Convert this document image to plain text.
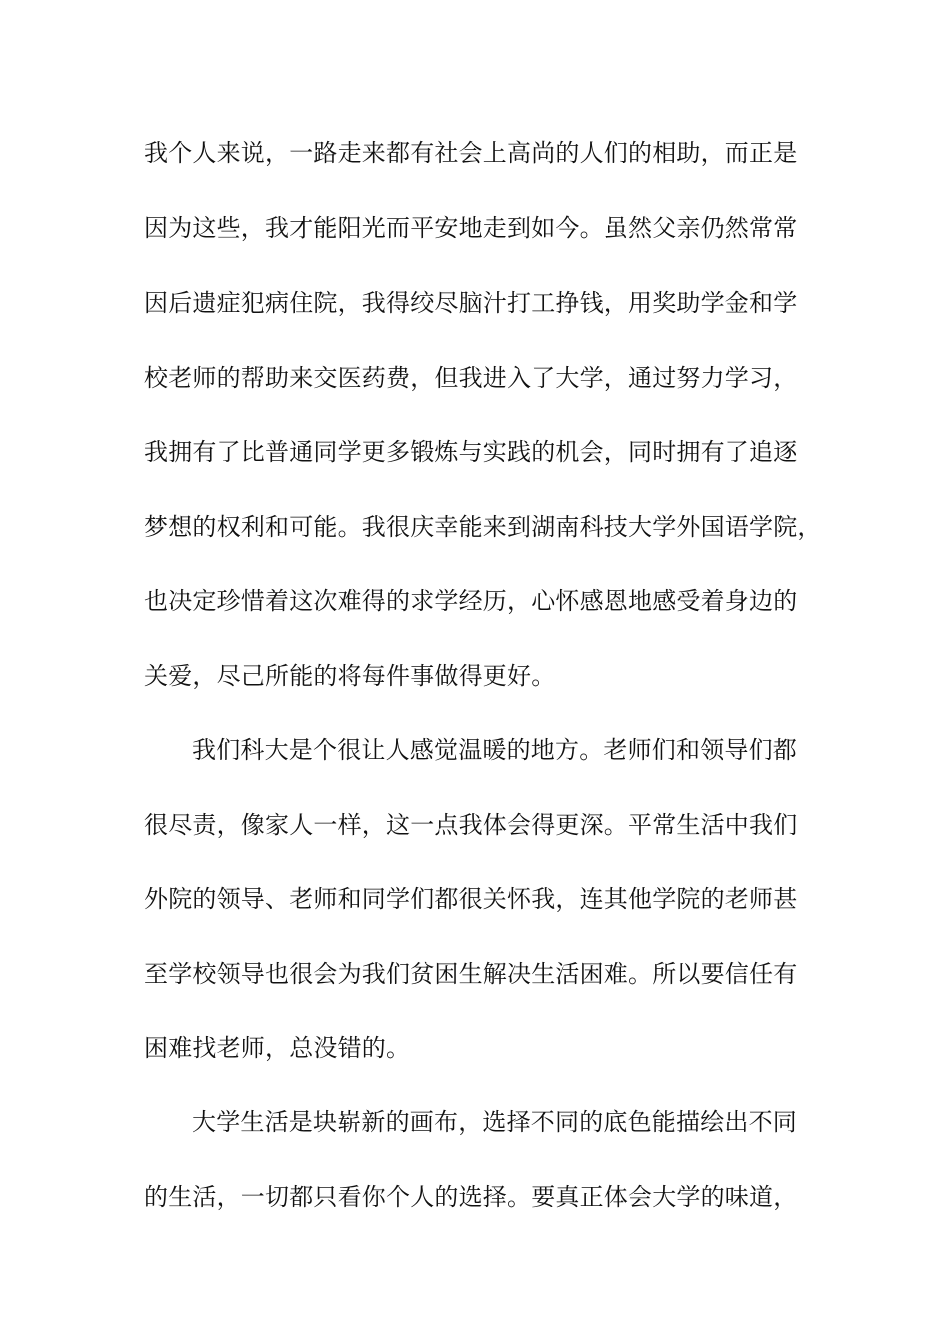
我个人来说，一路走来都有社会上高尚的人们的相助，而正是

因为这些，我才能阳光而平安地走到如今。虽然父亲仍然常常

因后遗症犯病住院，我得绞尽脑汁打工挣钱，用奖助学金和学

校老师的帮助来交医药费，但我进入了大学，通过努力学习，

我拥有了比普通同学更多锻炼与实践的机会，同时拥有了追逐

梦想的权利和可能。我很庆幸能来到湖南科技大学外国语学院，

也决定珍惜着这次难得的求学经历，心怀感恩地感受着身边的

关爱，尽己所能的将每件事做得更好。

我们科大是个很让人感觉温暖的地方。老师们和领导们都

很尽责，像家人一样，这一点我体会得更深。平常生活中我们

外院的领导、老师和同学们都很关怀我，连其他学院的老师甚

至学校领导也很会为我们贫困生解决生活困难。所以要信任有

困难找老师，总没错的。

大学生活是块崭新的画布，选择不同的底色能描绘出不同

的生活，一切都只看你个人的选择。要真正体会大学的味道，
